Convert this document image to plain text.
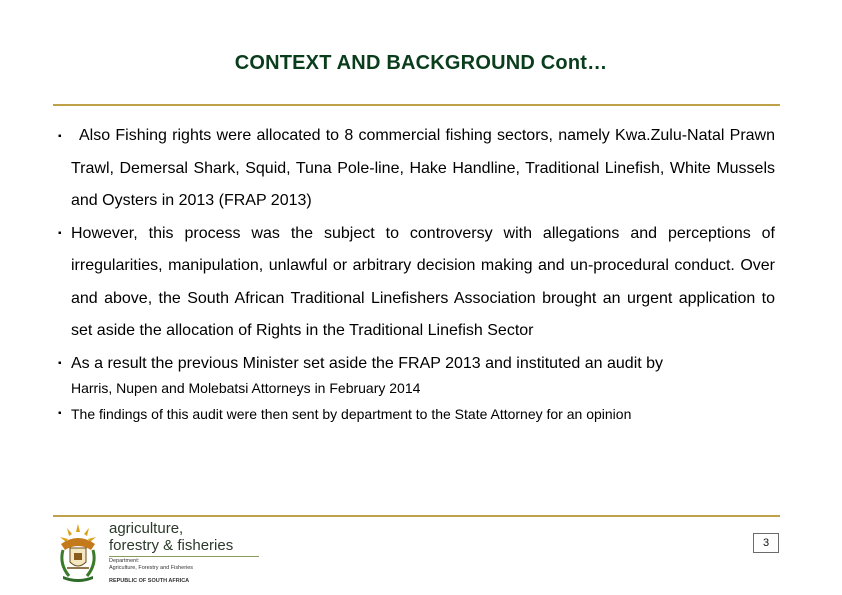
CONTEXT AND BACKGROUND Cont…
▪
Also Fishing rights were allocated to 8 commercial fishing sectors, namely Kwa.Zulu-Natal Prawn Trawl, Demersal Shark, Squid, Tuna Pole-line, Hake Handline, Traditional Linefish, White Mussels and Oysters in 2013 (FRAP 2013)
▪
However, this process was the subject to controversy with allegations and perceptions of irregularities, manipulation, unlawful or arbitrary decision making and un-procedural conduct. Over and above, the South African Traditional Linefishers Association brought an urgent application to set aside the allocation of Rights in the Traditional Linefish Sector
▪
As a result the previous Minister set aside the FRAP 2013 and instituted an audit by
Harris, Nupen and Molebatsi Attorneys in February 2014
▪
The findings of this audit were then sent by department to the State Attorney for an opinion
agriculture,
forestry & fisheries
Department:
Agriculture, Forestry and Fisheries
REPUBLIC OF SOUTH AFRICA
3
